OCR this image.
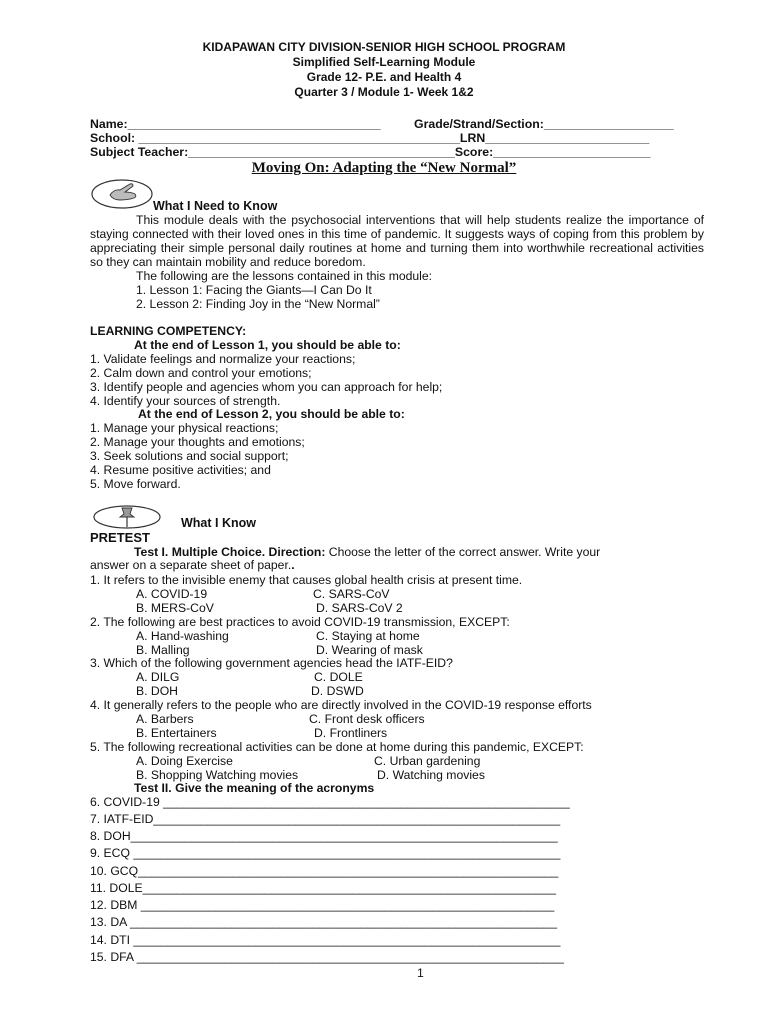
KIDAPAWAN CITY DIVISION-SENIOR HIGH SCHOOL PROGRAM
Simplified Self-Learning Module
Grade 12- P.E. and Health 4
Quarter 3 / Module 1- Week 1&2
Name:_____________________________________	Grade/Strand/Section:___________________
School: _______________________________________________LRN________________________
Subject Teacher:_______________________________________Score:_______________________
Moving On: Adapting the “New Normal”
What I Need to Know
This module deals with the psychosocial interventions that will help students realize the importance of staying connected with their loved ones in this time of pandemic. It suggests ways of coping from this problem by appreciating their simple personal daily routines at home and turning them into worthwhile recreational activities so they can maintain mobility and reduce boredom.
The following are the lessons contained in this module:
1. Lesson 1: Facing the Giants—I Can Do It
2. Lesson 2: Finding Joy in the “New Normal”
LEARNING COMPETENCY:
At the end of Lesson 1, you should be able to:
1. Validate feelings and normalize your reactions;
2. Calm down and control your emotions;
3. Identify people and agencies whom you can approach for help;
4. Identify your sources of strength.
At the end of Lesson 2, you should be able to:
1. Manage your physical reactions;
2. Manage your thoughts and emotions;
3. Seek solutions and social support;
4. Resume positive activities; and
5. Move forward.
What I Know
PRETEST
Test I. Multiple Choice. Direction: Choose the letter of the correct answer. Write your
answer on a separate sheet of paper..
1. It refers to the invisible enemy that causes global health crisis at present time.
A. COVID-19	C. SARS-CoV
B. MERS-CoV	D. SARS-CoV 2
2. The following are best practices to avoid COVID-19 transmission, EXCEPT:
A. Hand-washing	C. Staying at home
B. Malling	D. Wearing of mask
3. Which of the following government agencies head the IATF-EID?
A. DILG	C. DOLE
B. DOH	D. DSWD
4. It generally refers to the people who are directly involved in the COVID-19 response efforts
A. Barbers	C. Front desk officers
B. Entertainers	D. Frontliners
5. The following recreational activities can be done at home during this pandemic, EXCEPT:
A. Doing Exercise	C. Urban gardening
B. Shopping Watching movies	D. Watching movies
Test II. Give the meaning of the acronyms
6. COVID-19 ____________________________________________________________
7. IATF-EID____________________________________________________________
8. DOH_______________________________________________________________
9. ECQ _______________________________________________________________
10. GCQ______________________________________________________________
11. DOLE_____________________________________________________________
12. DBM _____________________________________________________________
13. DA _______________________________________________________________
14. DTI _______________________________________________________________
15. DFA _______________________________________________________________
1
